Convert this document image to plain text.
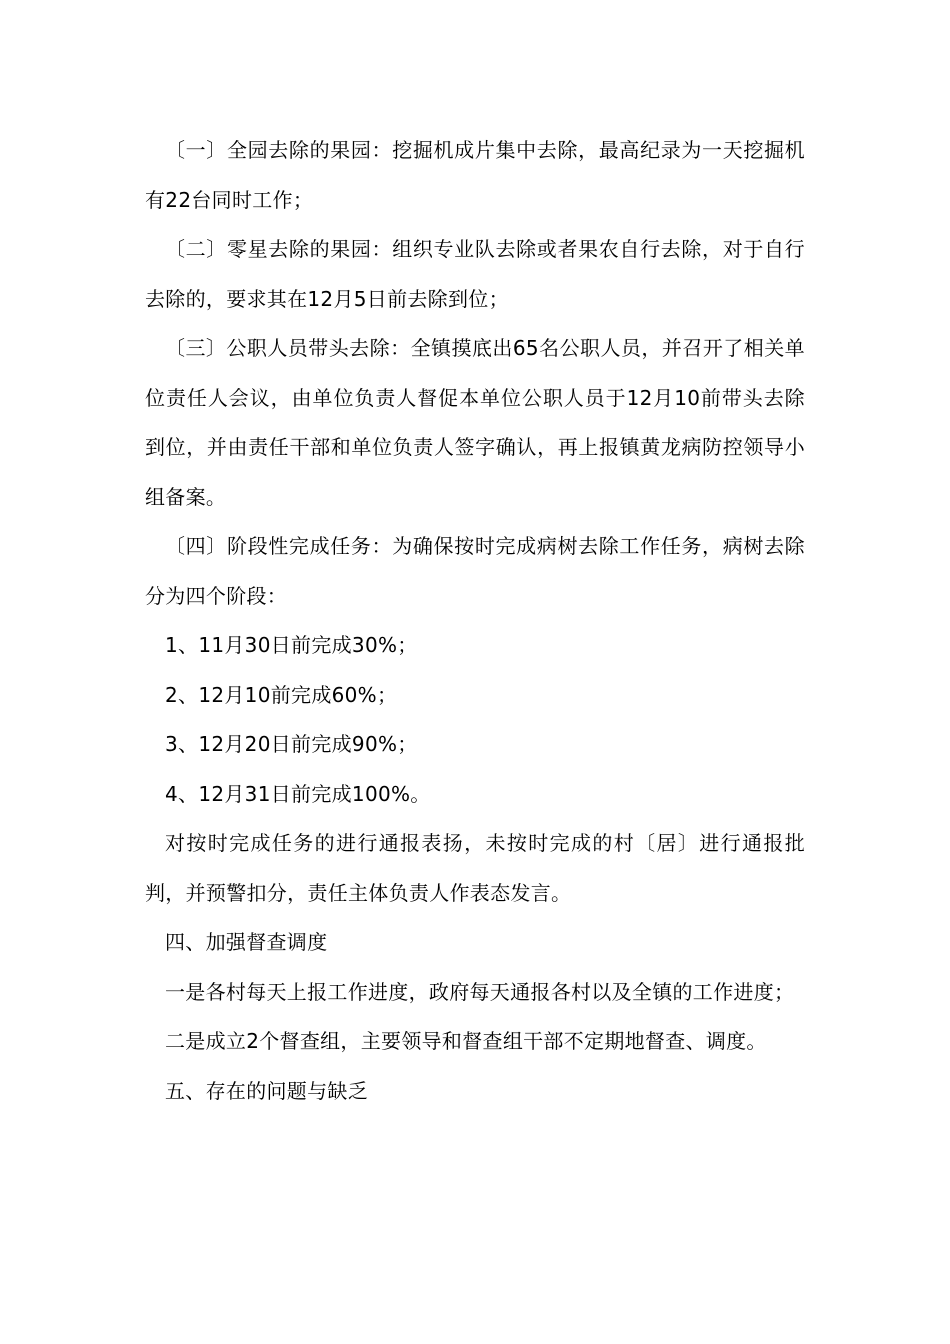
〔一〕全园去除的果园：挖掘机成片集中去除，最高纪录为一天挖掘机有22台同时工作；

〔二〕零星去除的果园：组织专业队去除或者果农自行去除，对于自行去除的，要求其在12月5日前去除到位；

〔三〕公职人员带头去除：全镇摸底出65名公职人员，并召开了相关单位责任人会议，由单位负责人督促本单位公职人员于12月10前带头去除到位，并由责任干部和单位负责人签字确认，再上报镇黄龙病防控领导小组备案。

〔四〕阶段性完成任务：为确保按时完成病树去除工作任务，病树去除分为四个阶段：

1、11月30日前完成30%；

2、12月10前完成60%；

3、12月20日前完成90%；

4、12月31日前完成100%。

对按时完成任务的进行通报表扬，未按时完成的村〔居〕进行通报批判，并预警扣分，责任主体负责人作表态发言。

四、加强督查调度

一是各村每天上报工作进度，政府每天通报各村以及全镇的工作进度；

二是成立2个督查组，主要领导和督查组干部不定期地督查、调度。

五、存在的问题与缺乏
